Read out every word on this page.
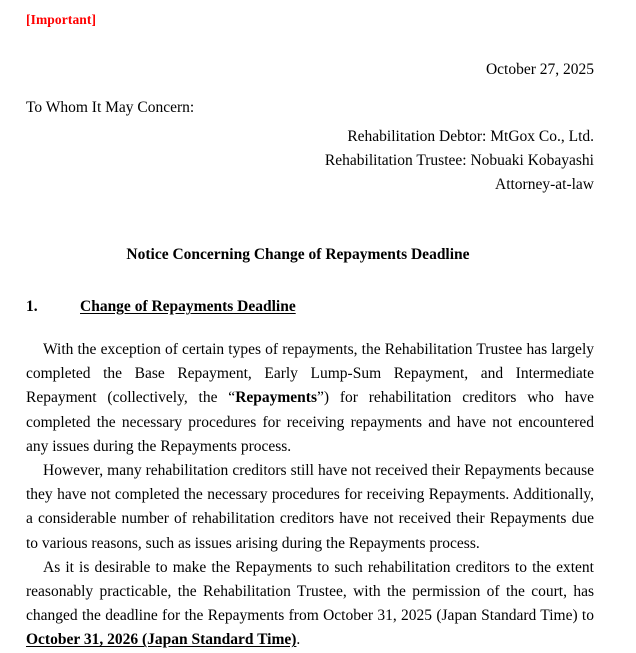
[Important]
October 27, 2025
To Whom It May Concern:
Rehabilitation Debtor: MtGox Co., Ltd.
Rehabilitation Trustee: Nobuaki Kobayashi
Attorney-at-law
Notice Concerning Change of Repayments Deadline
1.	Change of Repayments Deadline

With the exception of certain types of repayments, the Rehabilitation Trustee has largely completed the Base Repayment, Early Lump-Sum Repayment, and Intermediate Repayment (collectively, the “Repayments”) for rehabilitation creditors who have completed the necessary procedures for receiving repayments and have not encountered any issues during the Repayments process.

However, many rehabilitation creditors still have not received their Repayments because they have not completed the necessary procedures for receiving Repayments. Additionally, a considerable number of rehabilitation creditors have not received their Repayments due to various reasons, such as issues arising during the Repayments process.

As it is desirable to make the Repayments to such rehabilitation creditors to the extent reasonably practicable, the Rehabilitation Trustee, with the permission of the court, has changed the deadline for the Repayments from October 31, 2025 (Japan Standard Time) to October 31, 2026 (Japan Standard Time).
